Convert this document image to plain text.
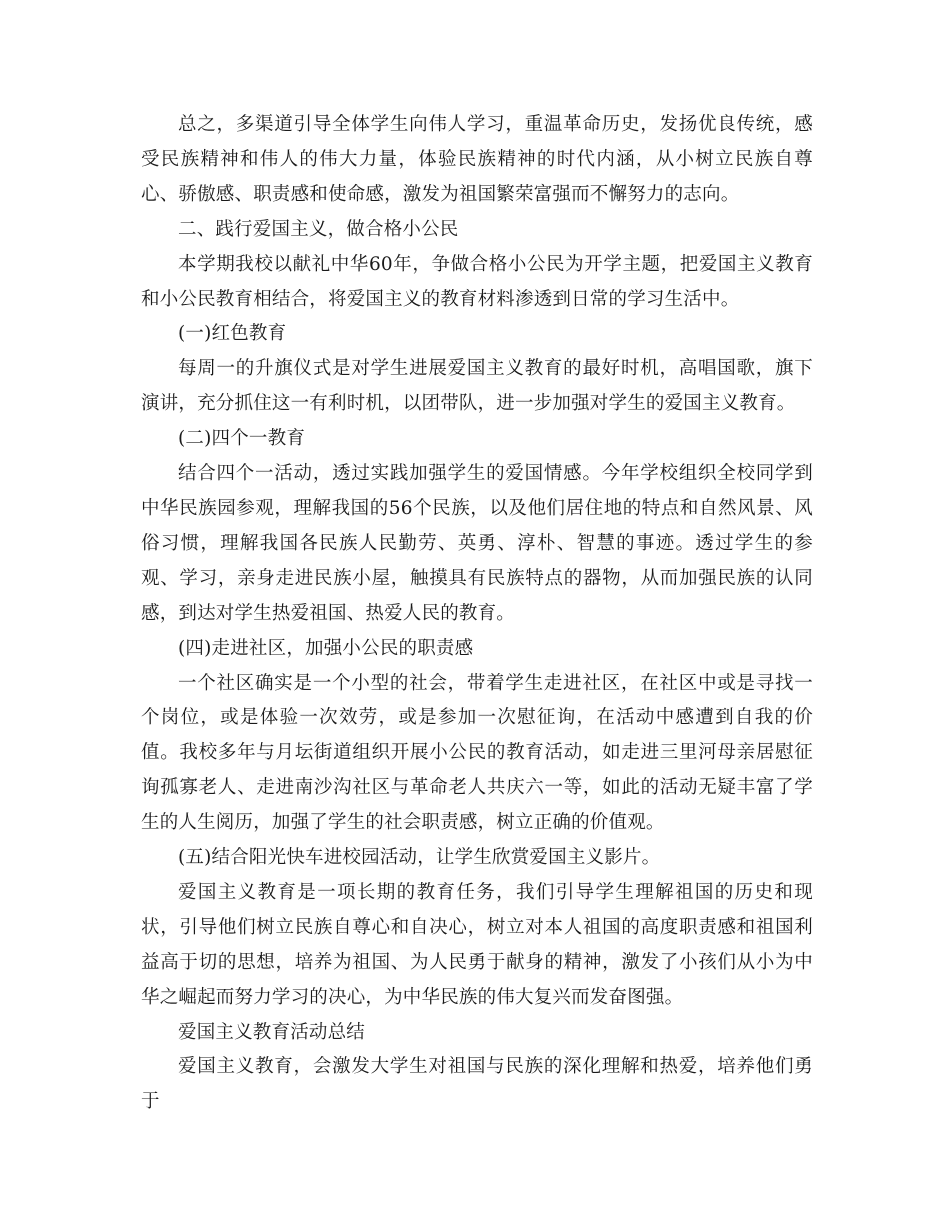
总之，多渠道引导全体学生向伟人学习，重温革命历史，发扬优良传统，感受民族精神和伟人的伟大力量，体验民族精神的时代内涵，从小树立民族自尊心、骄傲感、职责感和使命感，激发为祖国繁荣富强而不懈努力的志向。

二、践行爱国主义，做合格小公民

本学期我校以献礼中华60年，争做合格小公民为开学主题，把爱国主义教育和小公民教育相结合，将爱国主义的教育材料渗透到日常的学习生活中。

(一)红色教育

每周一的升旗仪式是对学生进展爱国主义教育的最好时机，高唱国歌，旗下演讲，充分抓住这一有利时机，以团带队，进一步加强对学生的爱国主义教育。

(二)四个一教育

结合四个一活动，透过实践加强学生的爱国情感。今年学校组织全校同学到中华民族园参观，理解我国的56个民族，以及他们居住地的特点和自然风景、风俗习惯，理解我国各民族人民勤劳、英勇、淳朴、智慧的事迹。透过学生的参观、学习，亲身走进民族小屋，触摸具有民族特点的器物，从而加强民族的认同感，到达对学生热爱祖国、热爱人民的教育。

(四)走进社区，加强小公民的职责感

一个社区确实是一个小型的社会，带着学生走进社区，在社区中或是寻找一个岗位，或是体验一次效劳，或是参加一次慰征询，在活动中感遭到自我的价值。我校多年与月坛街道组织开展小公民的教育活动，如走进三里河母亲居慰征询孤寡老人、走进南沙沟社区与革命老人共庆六一等，如此的活动无疑丰富了学生的人生阅历，加强了学生的社会职责感，树立正确的价值观。

(五)结合阳光快车进校园活动，让学生欣赏爱国主义影片。

爱国主义教育是一项长期的教育任务，我们引导学生理解祖国的历史和现状，引导他们树立民族自尊心和自决心，树立对本人祖国的高度职责感和祖国利益高于切的思想，培养为祖国、为人民勇于献身的精神，激发了小孩们从小为中华之崛起而努力学习的决心，为中华民族的伟大复兴而发奋图强。

爱国主义教育活动总结

爱国主义教育，会激发大学生对祖国与民族的深化理解和热爱，培养他们勇于
